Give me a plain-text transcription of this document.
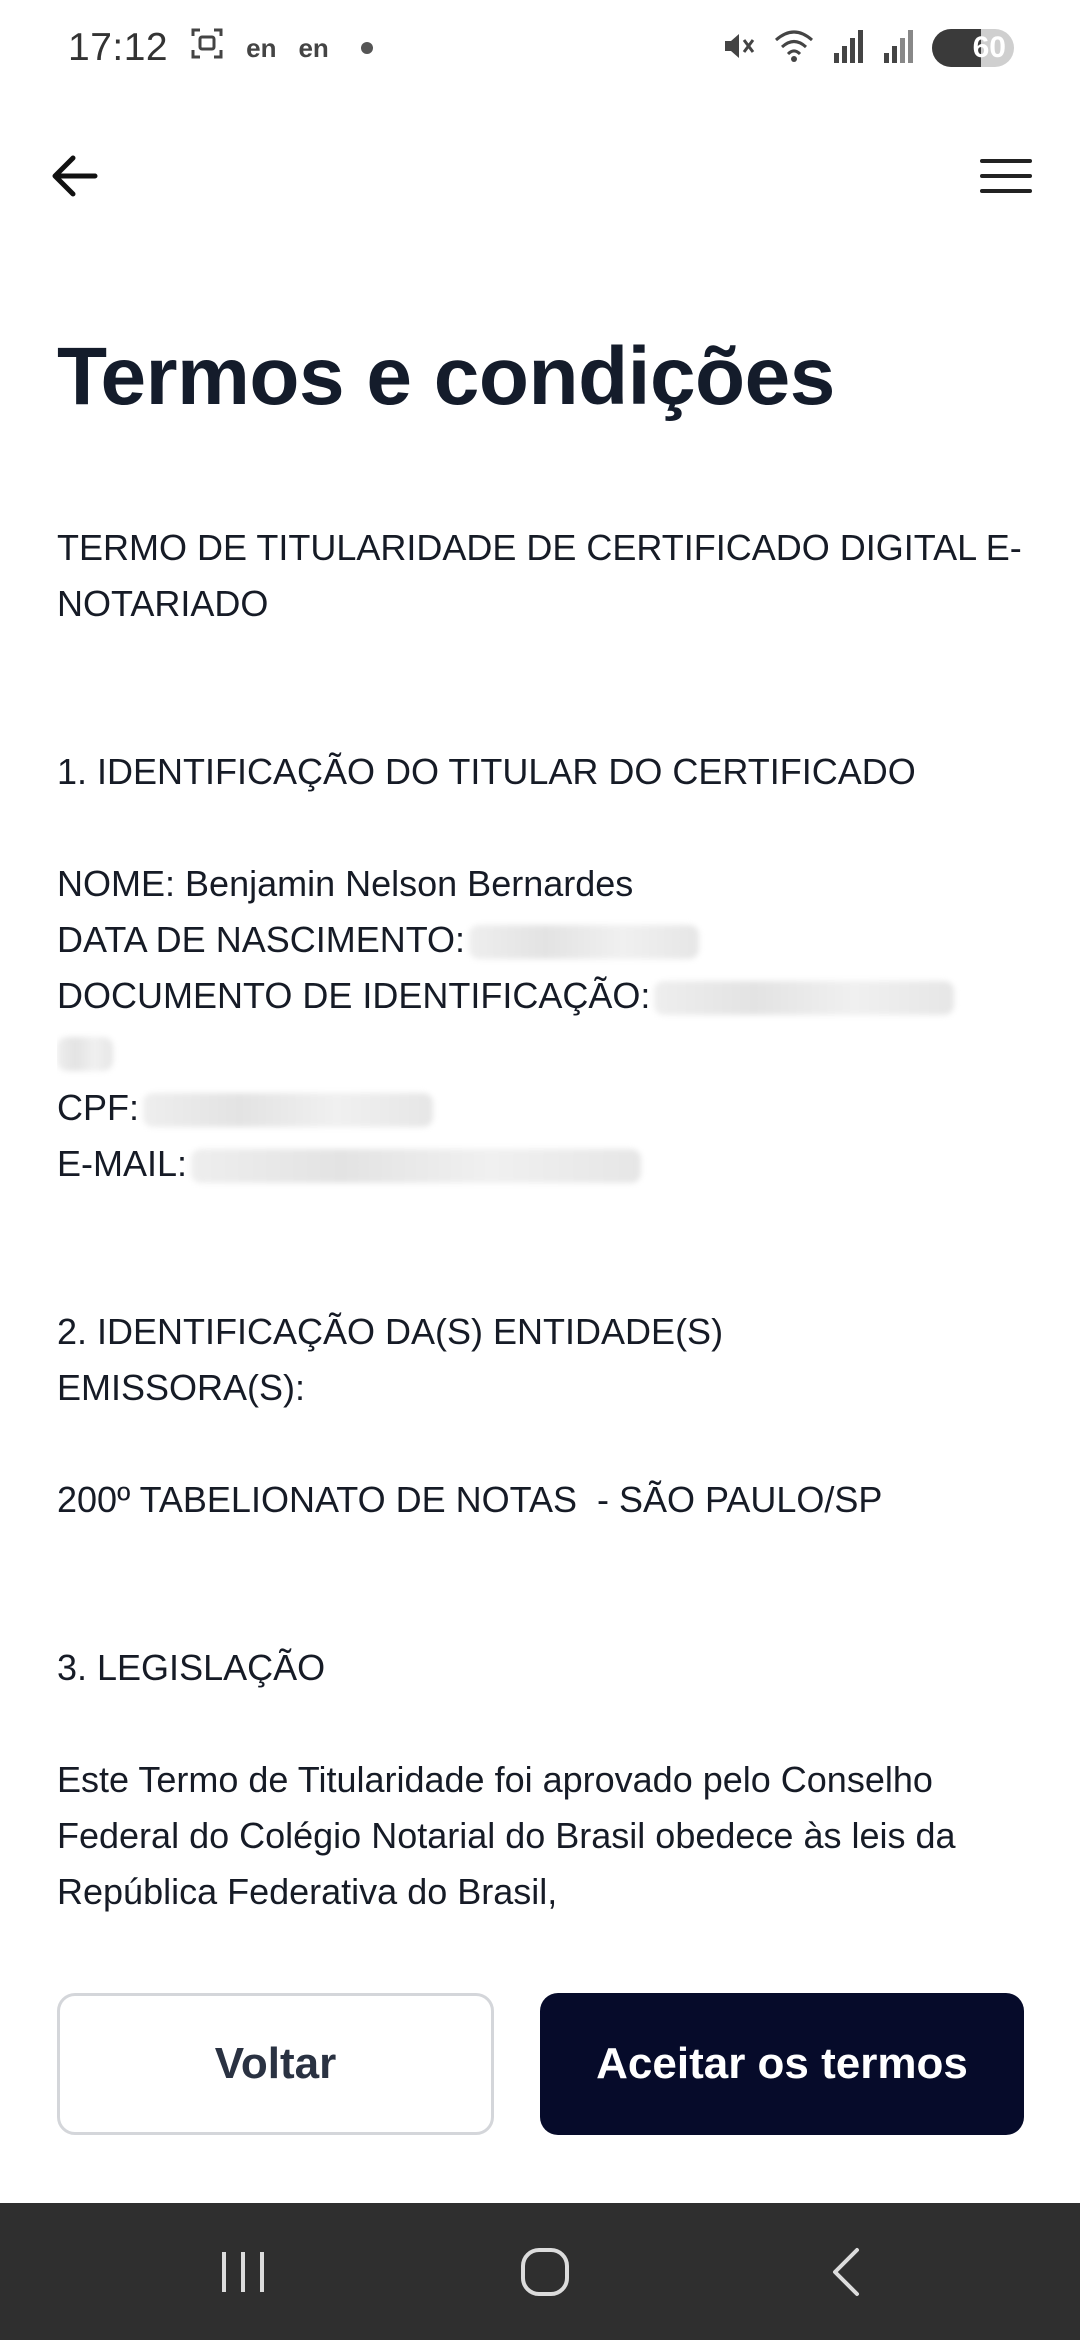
17:12	en en	60
Termos e condições

TERMO DE TITULARIDADE DE CERTIFICADO DIGITAL E-NOTARIADO

1. IDENTIFICAÇÃO DO TITULAR DO CERTIFICADO

NOME: Benjamin Nelson Bernardes

DATA DE NASCIMENTO:

DOCUMENTO DE IDENTIFICAÇÃO:

CPF:

E-MAIL:

2. IDENTIFICAÇÃO DA(S) ENTIDADE(S) EMISSORA(S):

200º TABELIONATO DE NOTAS  - SÃO PAULO/SP

3. LEGISLAÇÃO

Este Termo de Titularidade foi aprovado pelo Conselho Federal do Colégio Notarial do Brasil obedece às leis da República Federativa do Brasil,

Voltar	Aceitar os termos
